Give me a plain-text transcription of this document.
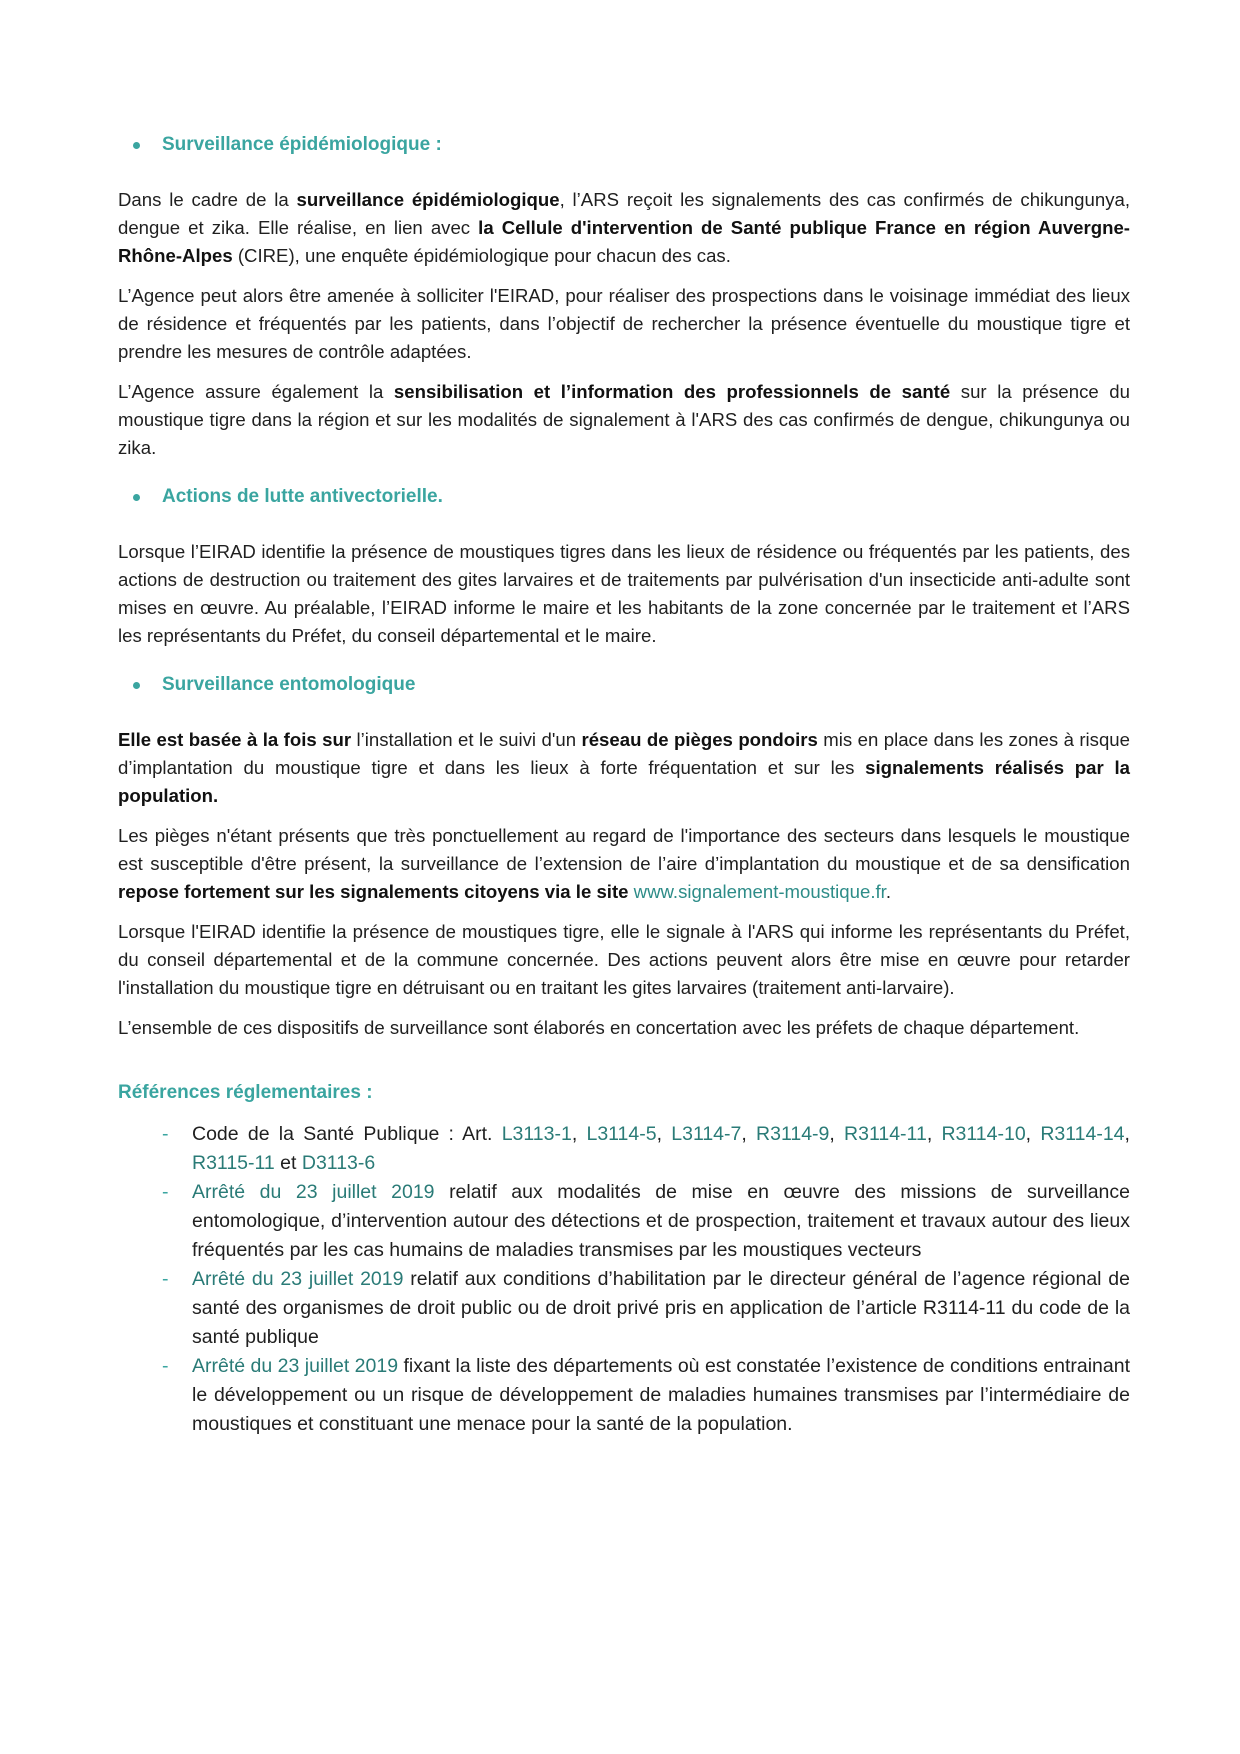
Surveillance épidémiologique :

Dans le cadre de la surveillance épidémiologique, l’ARS reçoit les signalements des cas confirmés de chikungunya, dengue et zika. Elle réalise, en lien avec la Cellule d'intervention de Santé publique France en région Auvergne-Rhône-Alpes (CIRE), une enquête épidémiologique pour chacun des cas.

L’Agence peut alors être amenée à solliciter l'EIRAD, pour réaliser des prospections dans le voisinage immédiat des lieux de résidence et fréquentés par les patients, dans l’objectif de rechercher la présence éventuelle du moustique tigre et prendre les mesures de contrôle adaptées.

L’Agence assure également la sensibilisation et l’information des professionnels de santé sur la présence du moustique tigre dans la région et sur les modalités de signalement à l'ARS des cas confirmés de dengue, chikungunya ou zika.

Actions de lutte antivectorielle.

Lorsque l’EIRAD identifie la présence de moustiques tigres dans les lieux de résidence ou fréquentés par les patients, des actions de destruction ou traitement des gites larvaires et de traitements par pulvérisation d'un insecticide anti-adulte sont mises en œuvre. Au préalable, l’EIRAD informe le maire et les habitants de la zone concernée par le traitement et l’ARS les représentants du Préfet, du conseil départemental et le maire.

Surveillance entomologique

Elle est basée à la fois sur l’installation et le suivi d'un réseau de pièges pondoirs mis en place dans les zones à risque d’implantation du moustique tigre et dans les lieux à forte fréquentation et sur les signalements réalisés par la population.

Les pièges n'étant présents que très ponctuellement au regard de l'importance des secteurs dans lesquels le moustique est susceptible d'être présent, la surveillance de l’extension de l’aire d’implantation du moustique et de sa densification repose fortement sur les signalements citoyens via le site www.signalement-moustique.fr.

Lorsque l'EIRAD identifie la présence de moustiques tigre, elle le signale à l'ARS qui informe les représentants du Préfet, du conseil départemental et de la commune concernée. Des actions peuvent alors être mise en œuvre pour retarder l'installation du moustique tigre en détruisant ou en traitant les gites larvaires (traitement anti-larvaire).

L’ensemble de ces dispositifs de surveillance sont élaborés en concertation avec les préfets de chaque département.

Références réglementaires :
- Code de la Santé Publique : Art. L3113-1, L3114-5, L3114-7, R3114-9, R3114-11, R3114-10, R3114-14, R3115-11 et D3113-6
- Arrêté du 23 juillet 2019 relatif aux modalités de mise en œuvre des missions de surveillance entomologique, d’intervention autour des détections et de prospection, traitement et travaux autour des lieux fréquentés par les cas humains de maladies transmises par les moustiques vecteurs
- Arrêté du 23 juillet 2019 relatif aux conditions d’habilitation par le directeur général de l’agence régional de santé des organismes de droit public ou de droit privé pris en application de l’article R3114-11 du code de la santé publique
- Arrêté du 23 juillet 2019 fixant la liste des départements où est constatée l’existence de conditions entrainant le développement ou un risque de développement de maladies humaines transmises par l’intermédiaire de moustiques et constituant une menace pour la santé de la population.
